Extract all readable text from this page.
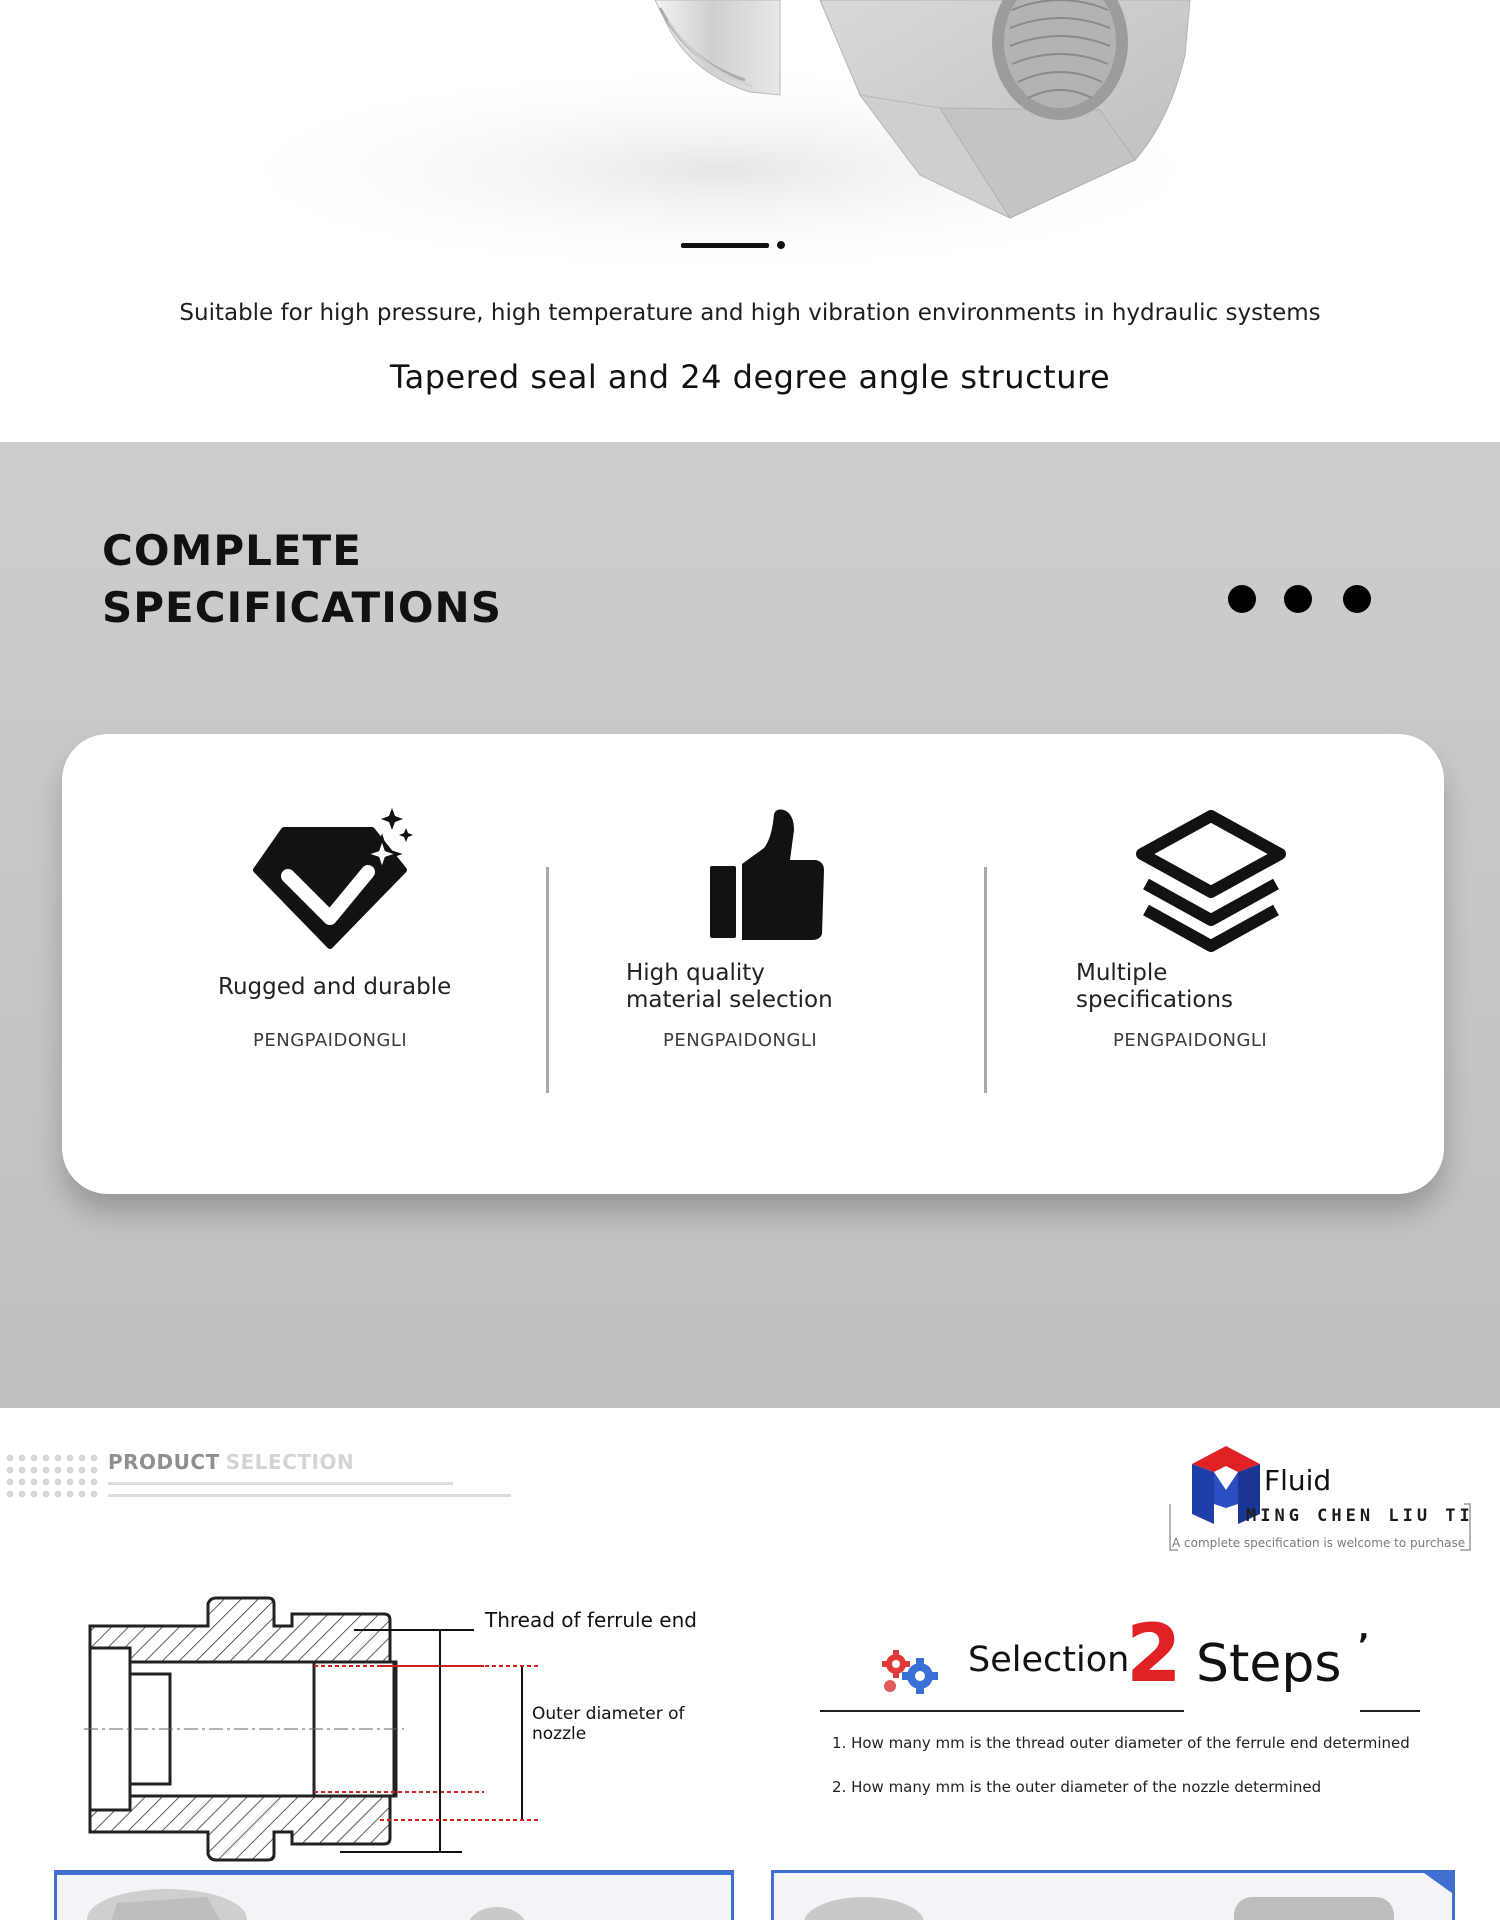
Suitable for high pressure, high temperature and high vibration environments in hydraulic systems
Tapered seal and 24 degree angle structure
COMPLETE
SPECIFICATIONS
Rugged and durable
PENGPAIDONGLI
High quality
material selection
PENGPAIDONGLI
Multiple
specifications
PENGPAIDONGLI
PRODUCT SELECTION
Fluid
MING CHEN LIU TI
A complete specification is welcome to purchase
Thread of ferrule end
Outer diameter of nozzle
Selection
2 Steps ’
1. How many mm is the thread outer diameter of the ferrule end determined
2. How many mm is the outer diameter of the nozzle determined
